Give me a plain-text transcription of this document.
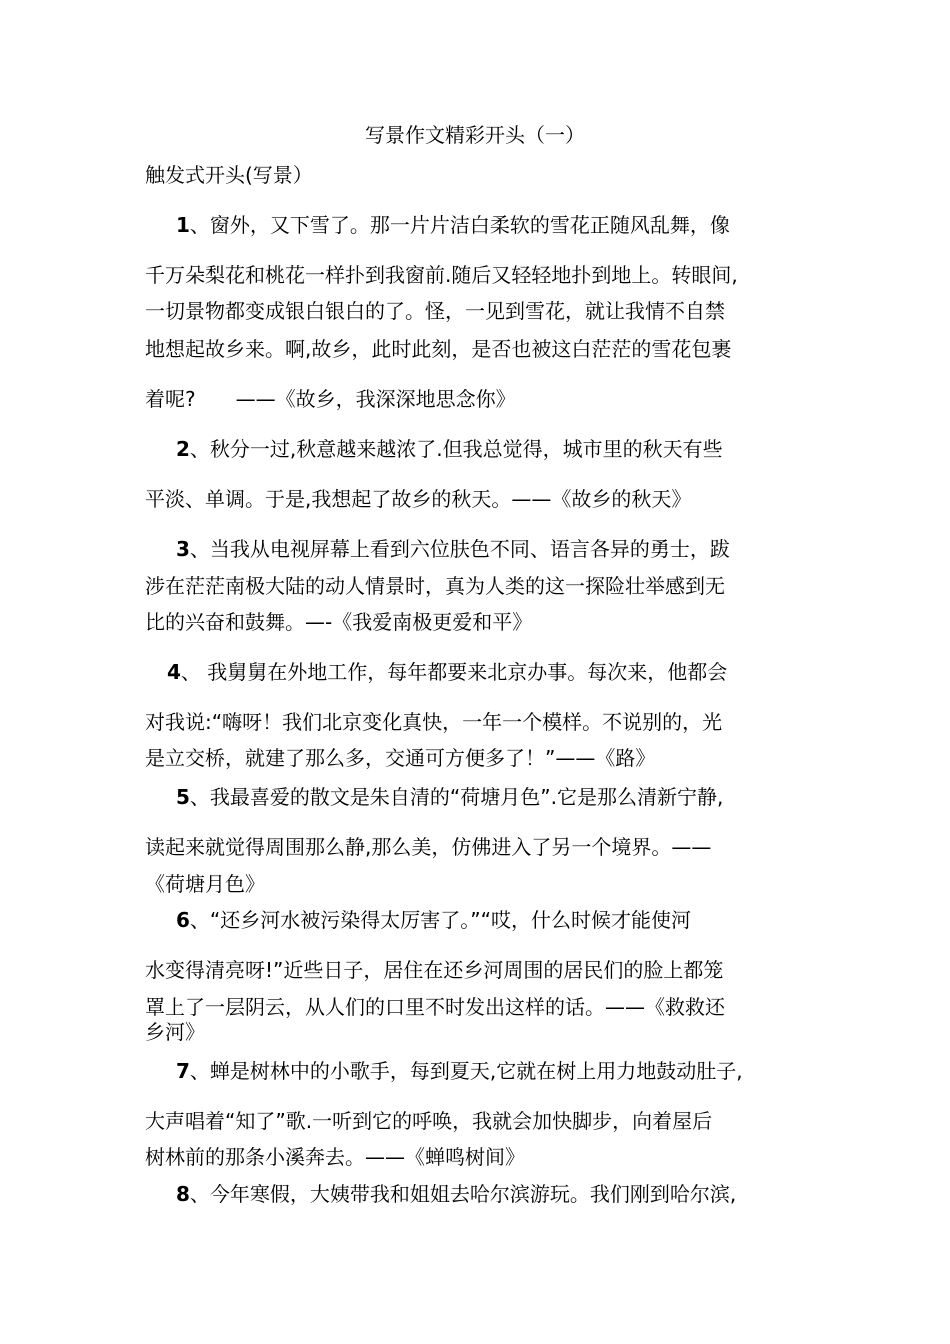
写景作文精彩开头（一）
触发式开头(写景）
1、窗外，又下雪了。那一片片洁白柔软的雪花正随风乱舞，像
千万朵梨花和桃花一样扑到我窗前.随后又轻轻地扑到地上。转眼间,
一切景物都变成银白银白的了。怪，一见到雪花，就让我情不自禁
地想起故乡来。啊,故乡，此时此刻，是否也被这白茫茫的雪花包裹
着呢?　　——《故乡，我深深地思念你》
2、秋分一过,秋意越来越浓了.但我总觉得，城市里的秋天有些
平淡、单调。于是,我想起了故乡的秋天。——《故乡的秋天》
3、当我从电视屏幕上看到六位肤色不同、语言各异的勇士，跋
涉在茫茫南极大陆的动人情景时，真为人类的这一探险壮举感到无
比的兴奋和鼓舞。—-《我爱南极更爱和平》
4、 我舅舅在外地工作，每年都要来北京办事。每次来，他都会
对我说:“嗨呀！我们北京变化真快，一年一个模样。不说别的，光
是立交桥，就建了那么多，交通可方便多了！”——《路》
5、我最喜爱的散文是朱自清的“荷塘月色”.它是那么清新宁静,
读起来就觉得周围那么静,那么美，仿佛进入了另一个境界。——
《荷塘月色》
6、“还乡河水被污染得太厉害了。”“哎，什么时候才能使河
水变得清亮呀!”近些日子，居住在还乡河周围的居民们的脸上都笼
罩上了一层阴云，从人们的口里不时发出这样的话。——《救救还
乡河》
7、蝉是树林中的小歌手，每到夏天,它就在树上用力地鼓动肚子,
大声唱着“知了”歌.一听到它的呼唤，我就会加快脚步，向着屋后
树林前的那条小溪奔去。——《蝉鸣树间》
8、今年寒假，大姨带我和姐姐去哈尔滨游玩。我们刚到哈尔滨,
